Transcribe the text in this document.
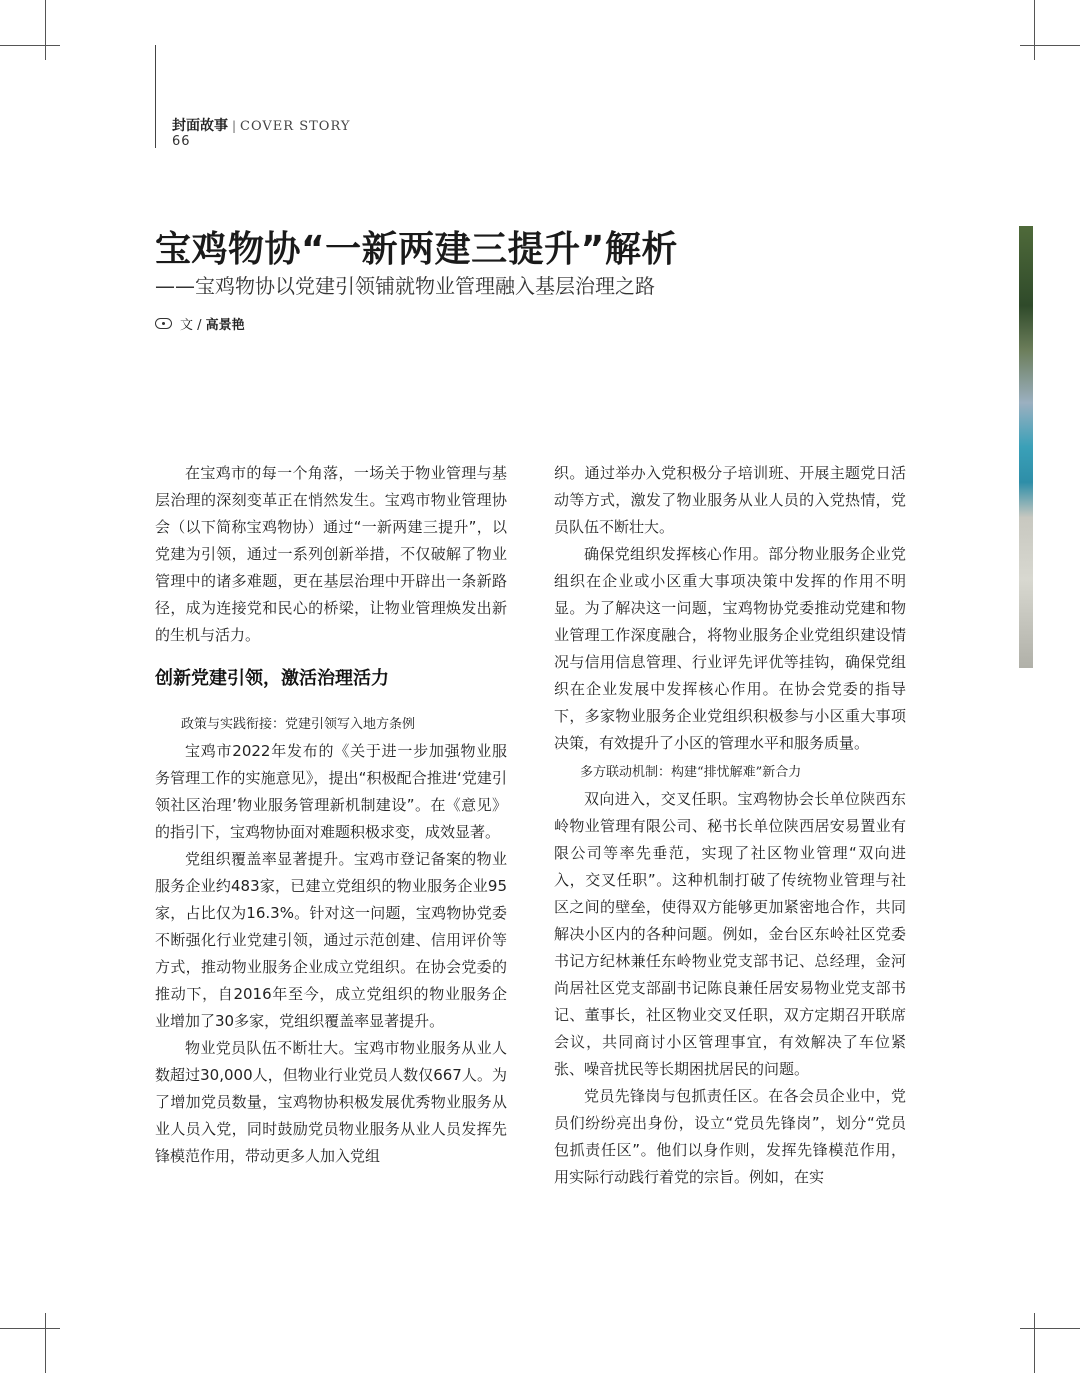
封面故事 | COVER STORY
66
宝鸡物协“一新两建三提升”解析
——宝鸡物协以党建引领铺就物业管理融入基层治理之路
文 /
高景艳

在宝鸡市的每一个角落，一场关于物业管理与基层治理的深刻变革正在悄然发生。宝鸡市物业管理协会（以下简称宝鸡物协）通过“一新两建三提升”，以党建为引领，通过一系列创新举措，不仅破解了物业管理中的诸多难题，更在基层治理中开辟出一条新路径，成为连接党和民心的桥梁，让物业管理焕发出新的生机与活力。

创新党建引领，激活治理活力
政策与实践衔接：党建引领写入地方条例

宝鸡市2022年发布的《关于进一步加强物业服务管理工作的实施意见》，提出“积极配合推进‘党建引领社区治理’物业服务管理新机制建设”。在《意见》的指引下，宝鸡物协面对难题积极求变，成效显著。

党组织覆盖率显著提升。宝鸡市登记备案的物业服务企业约483家，已建立党组织的物业服务企业95家，占比仅为16.3%。针对这一问题，宝鸡物协党委不断强化行业党建引领，通过示范创建、信用评价等方式，推动物业服务企业成立党组织。在协会党委的推动下，自2016年至今，成立党组织的物业服务企业增加了30多家，党组织覆盖率显著提升。

物业党员队伍不断壮大。宝鸡市物业服务从业人数超过30,000人，但物业行业党员人数仅667人。为了增加党员数量，宝鸡物协积极发展优秀物业服务从业人员入党，同时鼓励党员物业服务从业人员发挥先锋模范作用，带动更多人加入党组

织。通过举办入党积极分子培训班、开展主题党日活动等方式，激发了物业服务从业人员的入党热情，党员队伍不断壮大。

确保党组织发挥核心作用。部分物业服务企业党组织在企业或小区重大事项决策中发挥的作用不明显。为了解决这一问题，宝鸡物协党委推动党建和物业管理工作深度融合，将物业服务企业党组织建设情况与信用信息管理、行业评先评优等挂钩，确保党组织在企业发展中发挥核心作用。在协会党委的指导下，多家物业服务企业党组织积极参与小区重大事项决策，有效提升了小区的管理水平和服务质量。

多方联动机制：构建“排忧解难”新合力

双向进入，交叉任职。宝鸡物协会长单位陕西东岭物业管理有限公司、秘书长单位陕西居安易置业有限公司等率先垂范，实现了社区物业管理“双向进入，交叉任职”。这种机制打破了传统物业管理与社区之间的壁垒，使得双方能够更加紧密地合作，共同解决小区内的各种问题。例如，金台区东岭社区党委书记方纪林兼任东岭物业党支部书记、总经理，金河尚居社区党支部副书记陈良兼任居安易物业党支部书记、董事长，社区物业交叉任职，双方定期召开联席会议，共同商讨小区管理事宜，有效解决了车位紧张、噪音扰民等长期困扰居民的问题。

党员先锋岗与包抓责任区。在各会员企业中，党员们纷纷亮出身份，设立“党员先锋岗”，划分“党员包抓责任区”。他们以身作则，发挥先锋模范作用，用实际行动践行着党的宗旨。例如，在实
